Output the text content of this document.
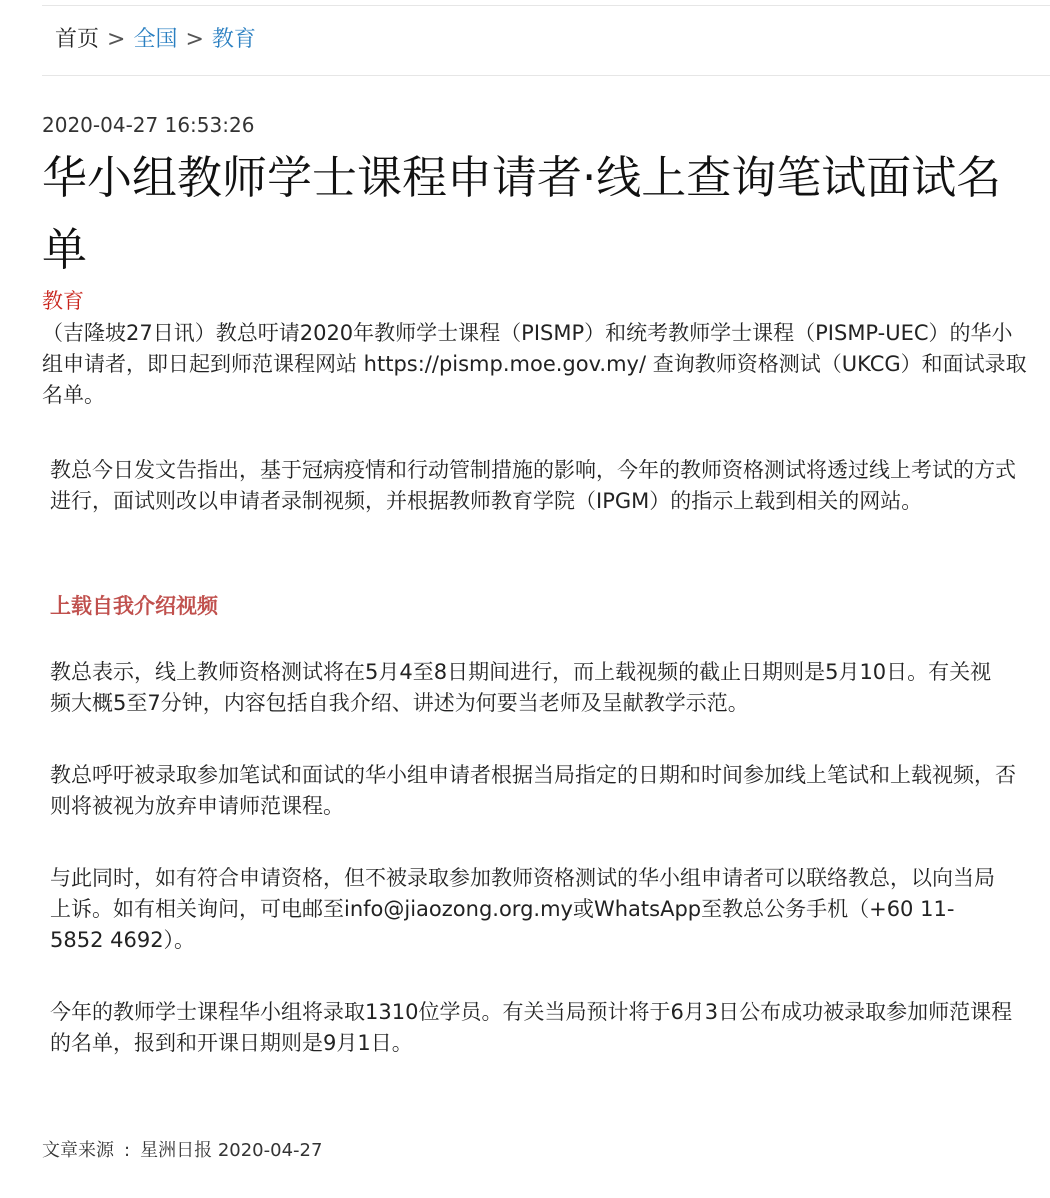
首页 > 全国 > 教育
2020-04-27 16:53:26
华小组教师学士课程申请者·线上查询笔试面试名单
教育

（吉隆坡27日讯）教总吁请2020年教师学士课程（PISMP）和统考教师学士课程（PISMP-UEC）的华小组申请者，即日起到师范课程网站 https://pismp.moe.gov.my/ 查询教师资格测试（UKCG）和面试录取名单。

教总今日发文告指出，基于冠病疫情和行动管制措施的影响，今年的教师资格测试将透过线上考试的方式进行，面试则改以申请者录制视频，并根据教师教育学院（IPGM）的指示上载到相关的网站。

上载自我介绍视频

教总表示，线上教师资格测试将在5月4至8日期间进行，而上载视频的截止日期则是5月10日。有关视频大概5至7分钟，内容包括自我介绍、讲述为何要当老师及呈献教学示范。

教总呼吁被录取参加笔试和面试的华小组申请者根据当局指定的日期和时间参加线上笔试和上载视频，否则将被视为放弃申请师范课程。

与此同时，如有符合申请资格，但不被录取参加教师资格测试的华小组申请者可以联络教总，以向当局上诉。如有相关询问，可电邮至info@jiaozong.org.my或WhatsApp至教总公务手机（+60 11-5852 4692）。

今年的教师学士课程华小组将录取1310位学员。有关当局预计将于6月3日公布成功被录取参加师范课程的名单，报到和开课日期则是9月1日。

文章来源 : 星洲日报 2020-04-27
